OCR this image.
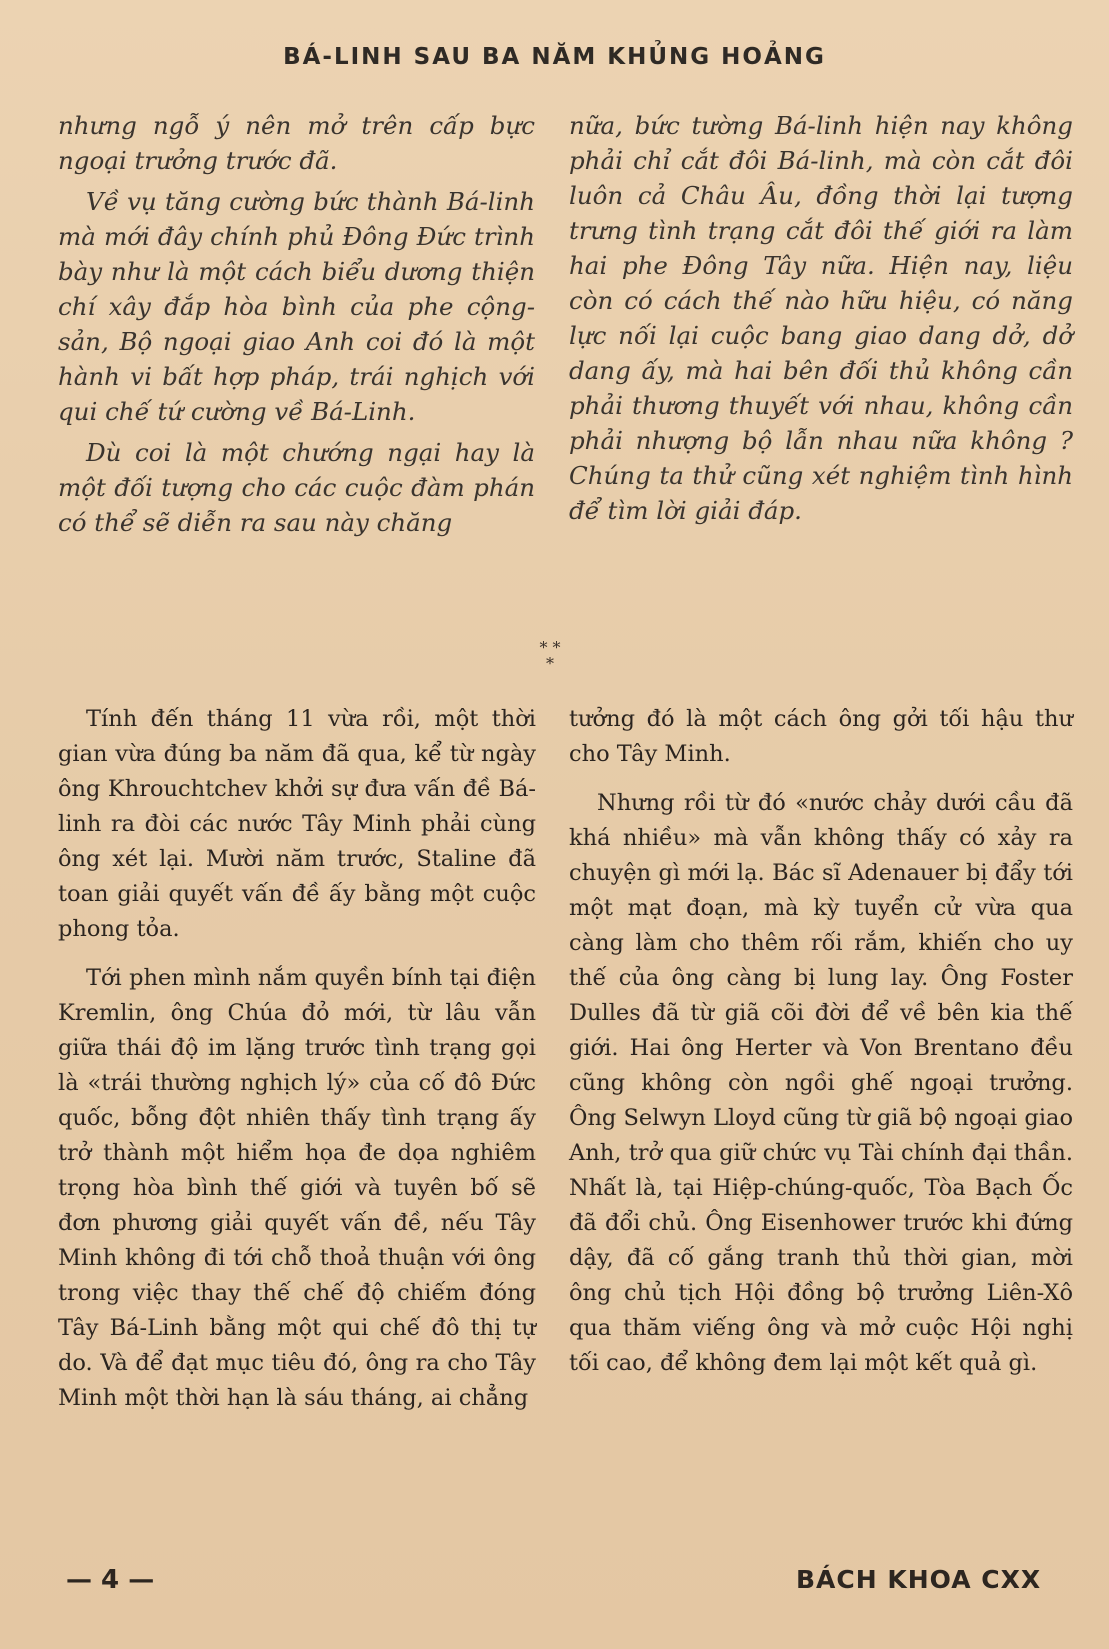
BÁ-LINH SAU BA NĂM KHỦNG HOẢNG

nhưng ngỗ ý nên mở trên cấp bực ngoại trưởng trước đã.

Về vụ tăng cường bức thành Bá-linh mà mới đây chính phủ Đông Đức trình bày như là một cách biểu dương thiện chí xây đắp hòa bình của phe cộng-sản, Bộ ngoại giao Anh coi đó là một hành vi bất hợp pháp, trái nghịch với qui chế tứ cường về Bá-Linh.

Dù coi là một chướng ngại hay là một đối tượng cho các cuộc đàm phán có thể sẽ diễn ra sau này chăng

nữa, bức tường Bá-linh hiện nay không phải chỉ cắt đôi Bá-linh, mà còn cắt đôi luôn cả Châu Âu, đồng thời lại tượng trưng tình trạng cắt đôi thế giới ra làm hai phe Đông Tây nữa. Hiện nay, liệu còn có cách thế nào hữu hiệu, có năng lực nối lại cuộc bang giao dang dở, dở dang ấy, mà hai bên đối thủ không cần phải thương thuyết với nhau, không cần phải nhượng bộ lẫn nhau nữa không ? Chúng ta thử cũng xét nghiệm tình hình để tìm lời giải đáp.

* *
*

Tính đến tháng 11 vừa rồi, một thời gian vừa đúng ba năm đã qua, kể từ ngày ông Khrouchtchev khởi sự đưa vấn đề Bá-linh ra đòi các nước Tây Minh phải cùng ông xét lại. Mười năm trước, Staline đã toan giải quyết vấn đề ấy bằng một cuộc phong tỏa.

Tới phen mình nắm quyền bính tại điện Kremlin, ông Chúa đỏ mới, từ lâu vẫn giữa thái độ im lặng trước tình trạng gọi là «trái thường nghịch lý» của cố đô Đức quốc, bỗng đột nhiên thấy tình trạng ấy trở thành một hiểm họa đe dọa nghiêm trọng hòa bình thế giới và tuyên bố sẽ đơn phương giải quyết vấn đề, nếu Tây Minh không đi tới chỗ thoả thuận với ông trong việc thay thế chế độ chiếm đóng Tây Bá-Linh bằng một qui chế đô thị tự do. Và để đạt mục tiêu đó, ông ra cho Tây Minh một thời hạn là sáu tháng, ai chẳng

tưởng đó là một cách ông gởi tối hậu thư cho Tây Minh.

Nhưng rồi từ đó «nước chảy dưới cầu đã khá nhiều» mà vẫn không thấy có xảy ra chuyện gì mới lạ. Bác sĩ Adenauer bị đẩy tới một mạt đoạn, mà kỳ tuyển cử vừa qua càng làm cho thêm rối rắm, khiến cho uy thế của ông càng bị lung lay. Ông Foster Dulles đã từ giã cõi đời để về bên kia thế giới. Hai ông Herter và Von Brentano đều cũng không còn ngồi ghế ngoại trưởng. Ông Selwyn Lloyd cũng từ giã bộ ngoại giao Anh, trở qua giữ chức vụ Tài chính đại thần. Nhất là, tại Hiệp-chúng-quốc, Tòa Bạch Ốc đã đổi chủ. Ông Eisenhower trước khi đứng dậy, đã cố gắng tranh thủ thời gian, mời ông chủ tịch Hội đồng bộ trưởng Liên-Xô qua thăm viếng ông và mở cuộc Hội nghị tối cao, để không đem lại một kết quả gì.

— 4 —	BÁCH KHOA CXX
